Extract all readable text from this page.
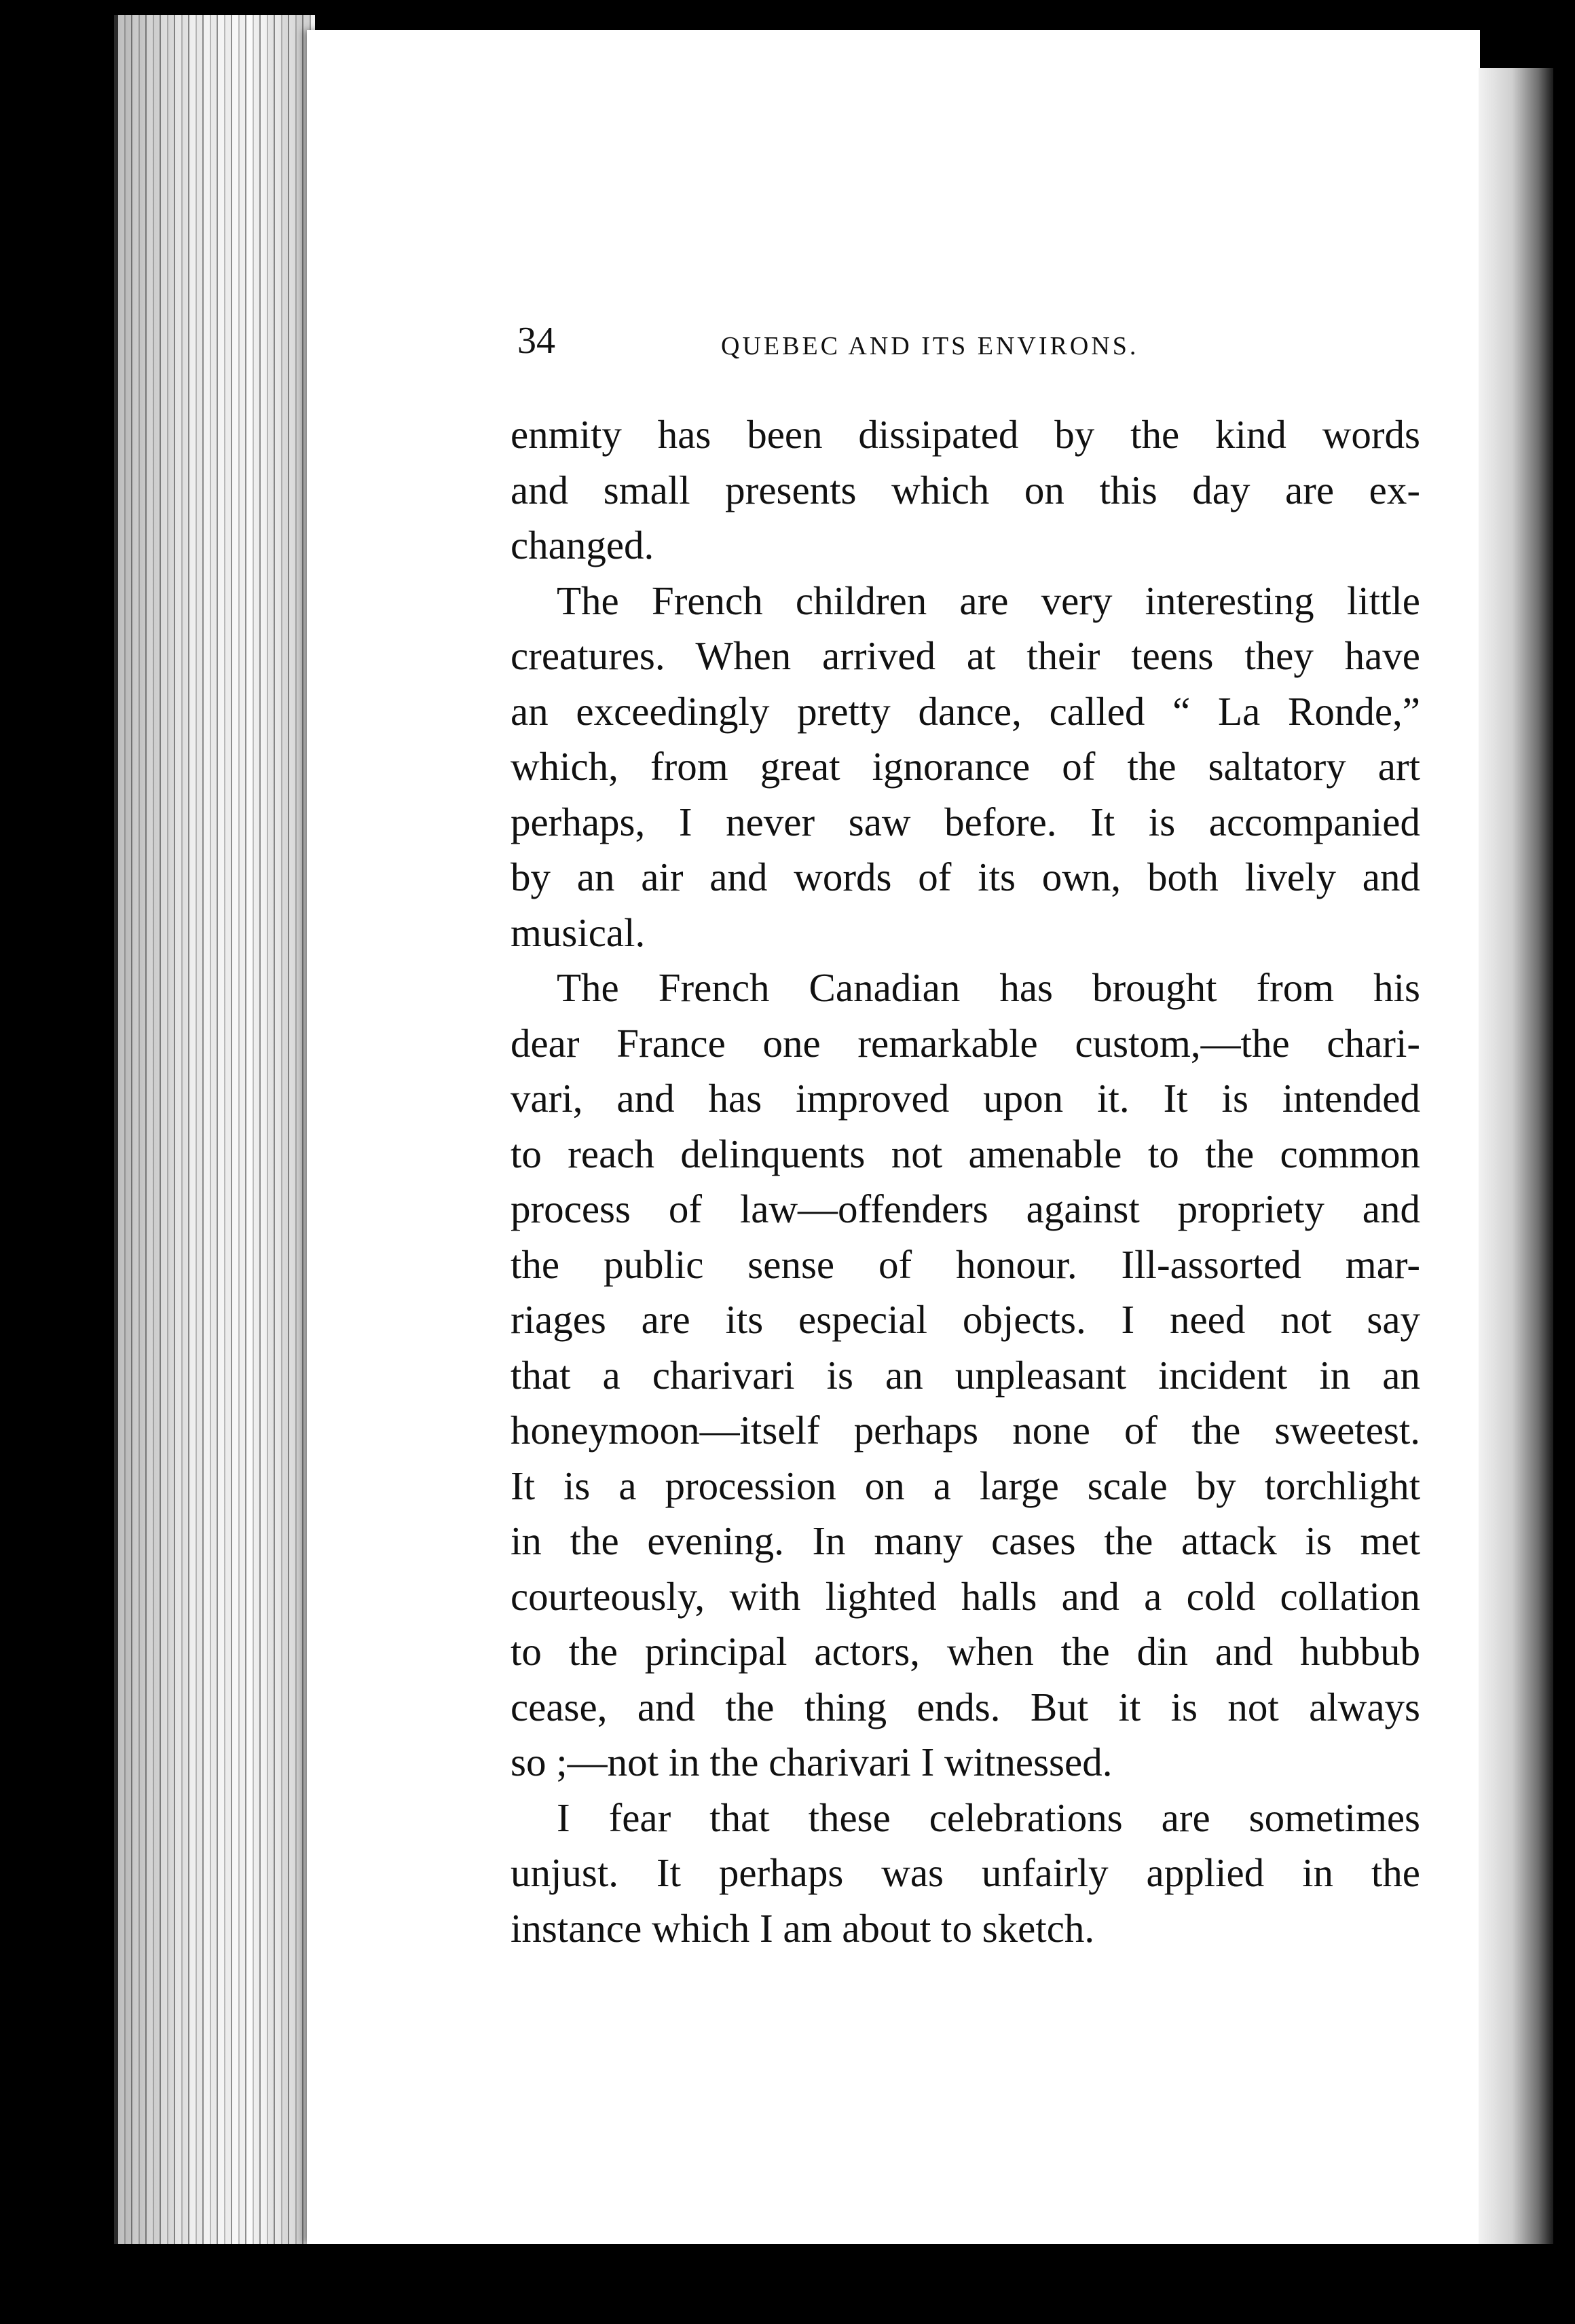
34	QUEBEC AND ITS ENVIRONS.
enmity has been dissipated by the kind words
and small presents which on this day are ex-
changed.
The French children are very interesting little
creatures. When arrived at their teens they have
an exceedingly pretty dance, called “ La Ronde,”
which, from great ignorance of the saltatory art
perhaps, I never saw before. It is accompanied
by an air and words of its own, both lively and
musical.
The French Canadian has brought from his
dear France one remarkable custom,—the chari-
vari, and has improved upon it. It is intended
to reach delinquents not amenable to the common
process of law—offenders against propriety and
the public sense of honour. Ill-assorted mar-
riages are its especial objects. I need not say
that a charivari is an unpleasant incident in an
honeymoon—itself perhaps none of the sweetest.
It is a procession on a large scale by torchlight
in the evening. In many cases the attack is met
courteously, with lighted halls and a cold collation
to the principal actors, when the din and hubbub
cease, and the thing ends. But it is not always
so ;—not in the charivari I witnessed.
I fear that these celebrations are sometimes
unjust. It perhaps was unfairly applied in the
instance which I am about to sketch.
